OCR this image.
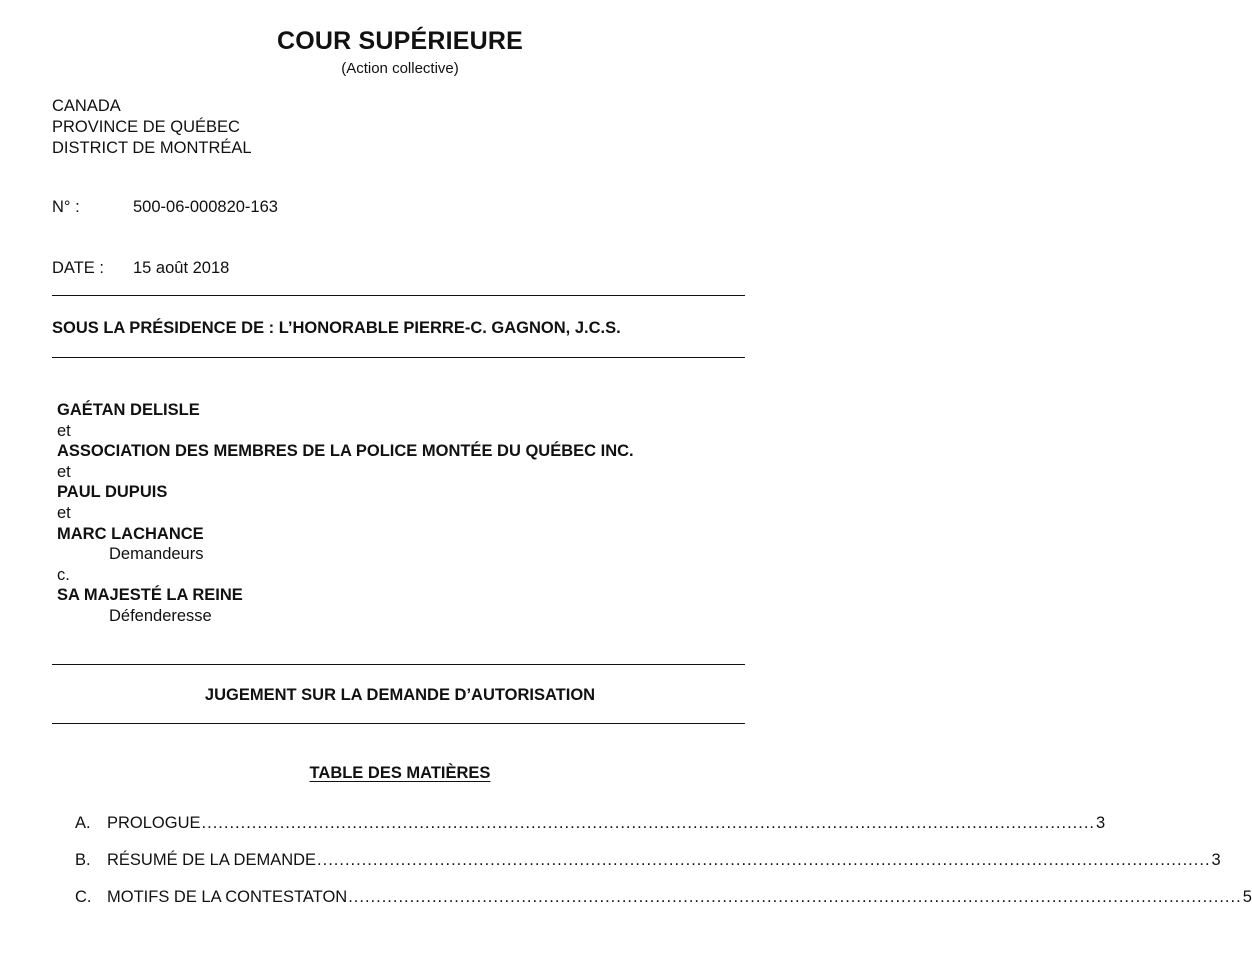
COUR SUPÉRIEURE
(Action collective)
CANADA
PROVINCE DE QUÉBEC
DISTRICT DE MONTRÉAL
N° :	500-06-000820-163
DATE : 15 août 2018
SOUS LA PRÉSIDENCE DE : L’HONORABLE PIERRE-C. GAGNON, J.C.S.
GAÉTAN DELISLE
et
ASSOCIATION DES MEMBRES DE LA POLICE MONTÉE DU QUÉBEC INC.
et
PAUL DUPUIS
et
MARC LACHANCE
Demandeurs
c.
SA MAJESTÉ LA REINE
Défenderesse
JUGEMENT SUR LA DEMANDE D’AUTORISATION
TABLE DES MATIÈRES
A. PROLOGUE ................................................................................................................................................................ 3
B. RÉSUMÉ DE LA DEMANDE ................................................................................................................................................................ 3
C. MOTIFS DE LA CONTESTATON ................................................................................................................................................................ 5
